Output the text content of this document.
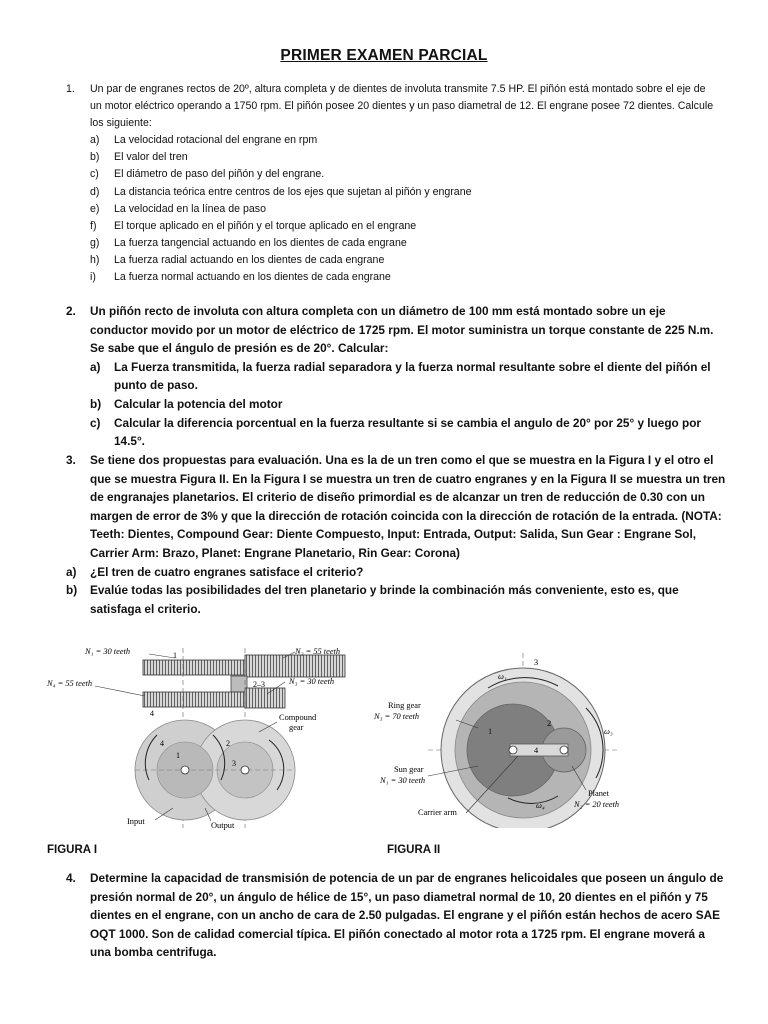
PRIMER EXAMEN PARCIAL
1. Un par de engranes rectos de 20º, altura completa y de dientes de involuta transmite 7.5 HP. El piñón está montado sobre el eje de un motor eléctrico operando a 1750 rpm. El piñón posee 20 dientes y un paso diametral de 12. El engrane posee 72 dientes. Calcule los siguiente:
a) La velocidad rotacional del engrane en rpm
b) El valor del tren
c) El diámetro de paso del piñón y del engrane.
d) La distancia teórica entre centros de los ejes que sujetan al piñón y engrane
e) La velocidad en la línea de paso
f) El torque aplicado en el piñón y el torque aplicado en el engrane
g) La fuerza tangencial actuando en los dientes de cada engrane
h) La fuerza radial actuando en los dientes de cada engrane
i) La fuerza normal actuando en los dientes de cada engrane
2. Un piñón recto de involuta con altura completa con un diámetro de 100 mm está montado sobre un eje conductor movido por un motor de eléctrico de 1725 rpm. El motor suministra un torque constante de 225 N.m. Se sabe que el ángulo de presión es de 20°. Calcular:
a) La Fuerza transmitida, la fuerza radial separadora y la fuerza normal resultante sobre el diente del piñón el punto de paso.
b) Calcular la potencia del motor
c) Calcular la diferencia porcentual en la fuerza resultante si se cambia el angulo de 20° por 25° y luego por 14.5°.
3. Se tiene dos propuestas para evaluación. Una es la de un tren como el que se muestra en la Figura I y el otro el que se muestra Figura II. En la Figura I se muestra un tren de cuatro engranes y en la Figura II se muestra un tren de engranajes planetarios. El criterio de diseño primordial es de alcanzar un tren de reducción de 0.30 con un margen de error de 3% y que la dirección de rotación coincida con la dirección de rotación de la entrada. (NOTA: Teeth: Dientes, Compound Gear: Diente Compuesto, Input: Entrada, Output: Salida, Sun Gear : Engrane Sol, Carrier Arm: Brazo, Planet: Engrane Planetario, Rin Gear: Corona)
a) ¿El tren de cuatro engranes satisface el criterio?
b) Evalúe todas las posibilidades del tren planetario y brinde la combinación más conveniente, esto es, que satisfaga el criterio.
N₁ = 30 teeth	N₂ = 55 teeth
N₃ = 30 teeth
N₄ = 55 teeth
1
2–3
4	Compound
gear
Input	Output
4
1
2
3
Ring gear
N₃ = 70 teeth
Sun gear
N₁ = 30 teeth
Carrier arm
Planet
N₂ = 20 teeth
1
2
3
4
ω₁
ω₃
ω₄
FIGURA I	FIGURA II
4. Determine la capacidad de transmisión de potencia de un par de engranes helicoidales que poseen un ángulo de presión normal de 20°, un ángulo de hélice de 15°, un paso diametral normal de 10, 20 dientes en el piñón y 75 dientes en el engrane, con un ancho de cara de 2.50 pulgadas. El engrane y el piñón están hechos de acero SAE OQT 1000. Son de calidad comercial típica. El piñón conectado al motor rota a 1725 rpm. El engrane moverá a una bomba centrifuga.
